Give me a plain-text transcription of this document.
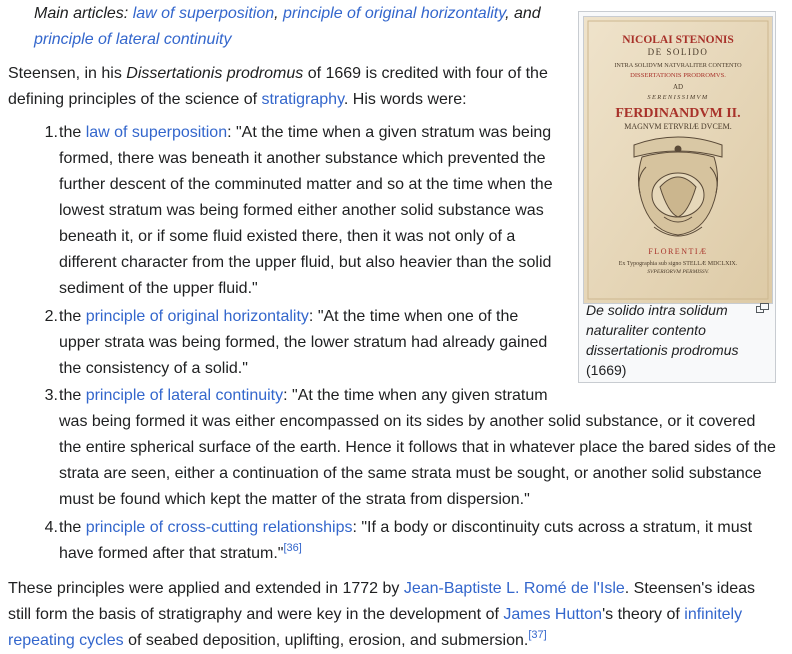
Main articles: law of superposition, principle of original horizontality, and
principle of lateral continuity
Steensen, in his Dissertationis prodromus of 1669 is credited with four of the
defining principles of the science of stratigraphy. His words were:
1. the law of superposition: "At the time when a given stratum was being
formed, there was beneath it another substance which prevented the
further descent of the comminuted matter and so at the time when the
lowest stratum was being formed either another solid substance was
beneath it, or if some fluid existed there, then it was not only of a
different character from the upper fluid, but also heavier than the solid
sediment of the upper fluid."
2. the principle of original horizontality: "At the time when one of the
upper strata was being formed, the lower stratum had already gained
the consistency of a solid."
3. the principle of lateral continuity: "At the time when any given stratum
was being formed it was either encompassed on its sides by another solid substance, or it covered
the entire spherical surface of the earth. Hence it follows that in whatever place the bared sides of the
strata are seen, either a continuation of the same strata must be sought, or another solid substance
must be found which kept the matter of the strata from dispersion."
4. the principle of cross-cutting relationships: "If a body or discontinuity cuts across a stratum, it must
have formed after that stratum."[36]
These principles were applied and extended in 1772 by Jean-Baptiste L. Romé de l'Isle. Steensen's ideas
still form the basis of stratigraphy and were key in the development of James Hutton's theory of infinitely
repeating cycles of seabed deposition, uplifting, erosion, and submersion.[37]
NICOLAI STENONIS
DE SOLIDO
INTRA SOLIDVM NATVRALITER CONTENTO
DISSERTATIONIS PRODROMVS.
AD
SERENISSIMVM
FERDINANDVM II.
MAGNVM ETRVRIÆ DVCEM.
FLORENTIÆ
Ex Typographia sub signo STELLÆ MDCLXIX.
SVPERIORVM PERMISSV.
De solido intra solidum
naturaliter contento
dissertationis prodromus
(1669)
